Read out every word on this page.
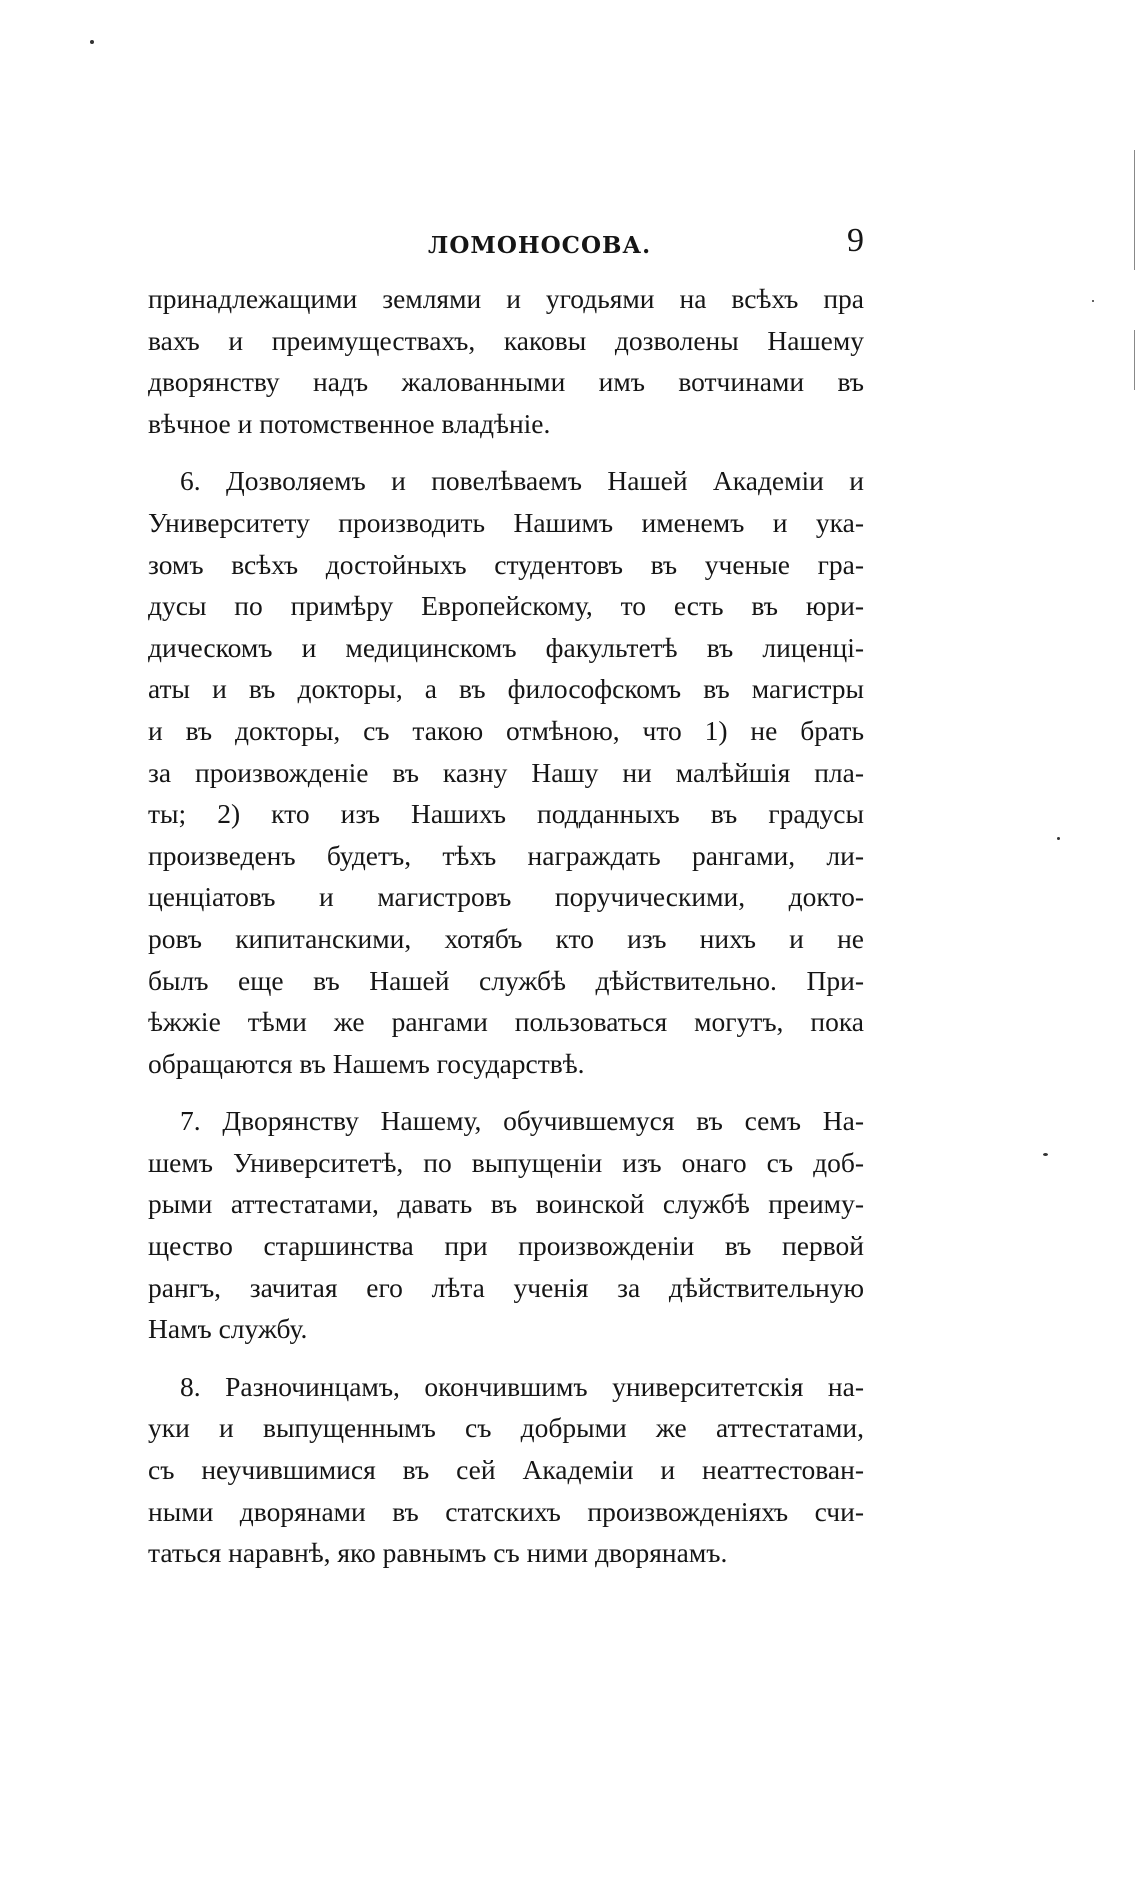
ЛОМОНОСОВА.	9
принадлежащими землями и угодьями на всѣхъ пра
вахъ и преимуществахъ, каковы дозволены Нашему
дворянству надъ жалованными имъ вотчинами въ
вѣчное и потомственное владѣніе.
6. Дозволяемъ и повелѣваемъ Нашей Академіи и
Университету производить Нашимъ именемъ и ука-
зомъ всѣхъ достойныхъ студентовъ въ ученые гра-
дусы по примѣру Европейскому, то есть въ юри-
дическомъ и медицинскомъ факультетѣ въ лиценці-
аты и въ докторы, а въ философскомъ въ магистры
и въ докторы, съ такою отмѣною, что 1) не брать
за произвожденіе въ казну Нашу ни малѣйшія пла-
ты; 2) кто изъ Нашихъ подданныхъ въ градусы
произведенъ будетъ, тѣхъ награждать рангами, ли-
ценціатовъ и магистровъ поручическими, докто-
ровъ кипитанскими, хотябъ кто изъ нихъ и не
былъ еще въ Нашей службѣ дѣйствительно. При-
ѣжжіе тѣми же рангами пользоваться могутъ, пока
обращаются въ Нашемъ государствѣ.
7. Дворянству Нашему, обучившемуся въ семъ На-
шемъ Университетѣ, по выпущеніи изъ онаго съ доб-
рыми аттестатами, давать въ воинской службѣ преиму-
щество старшинства при произвожденіи въ первой
рангъ, зачитая его лѣта ученія за дѣйствительную
Намъ службу.
8. Разночинцамъ, окончившимъ университетскія на-
уки и выпущеннымъ съ добрыми же аттестатами,
съ неучившимися въ сей Академіи и неаттестован-
ными дворянами въ статскихъ произвожденіяхъ счи-
таться наравнѣ, яко равнымъ съ ними дворянамъ.
